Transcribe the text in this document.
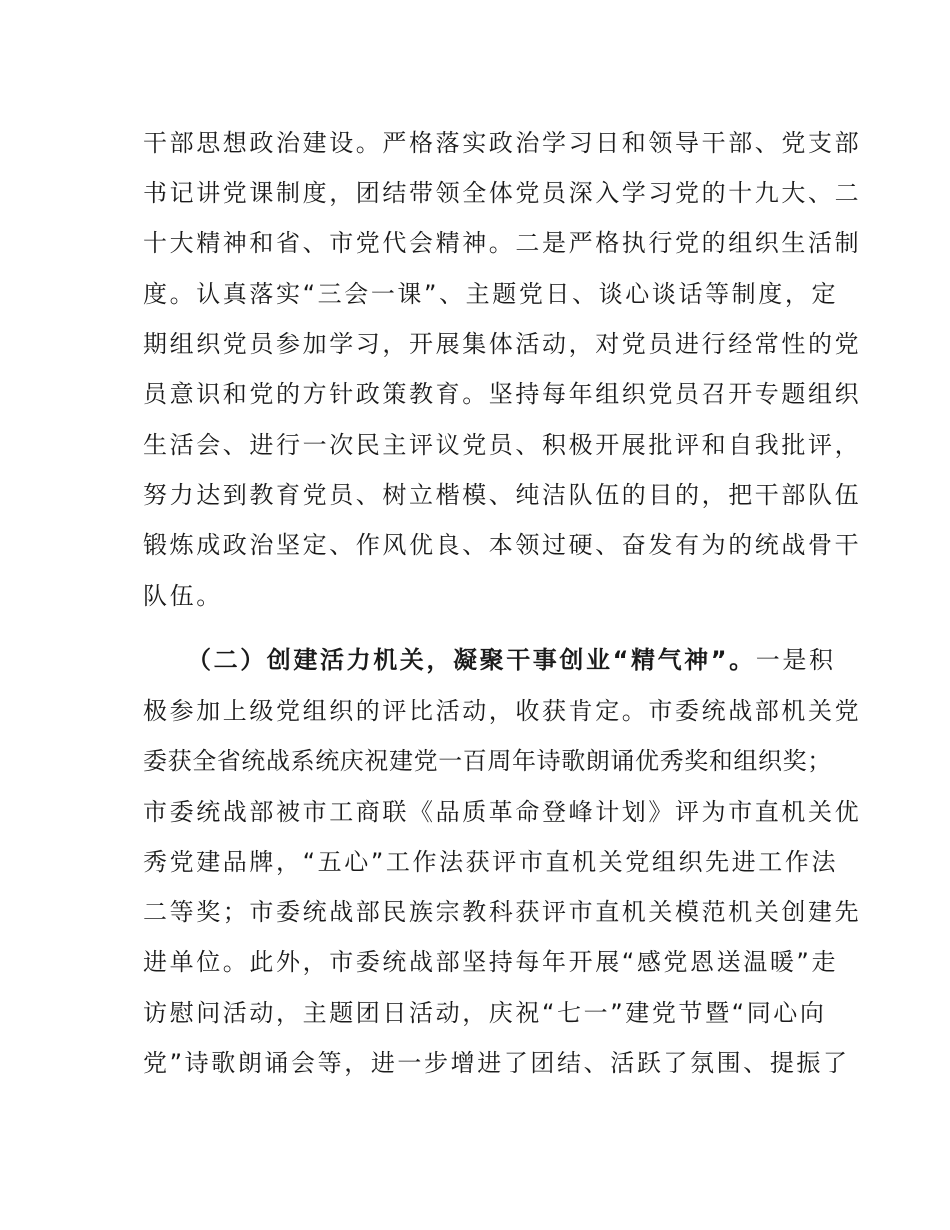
干部思想政治建设。严格落实政治学习日和领导干部、党支部
书记讲党课制度，团结带领全体党员深入学习党的十九大、二
十大精神和省、市党代会精神。二是严格执行党的组织生活制
度。认真落实“三会一课”、主题党日、谈心谈话等制度，定
期组织党员参加学习，开展集体活动，对党员进行经常性的党
员意识和党的方针政策教育。坚持每年组织党员召开专题组织
生活会、进行一次民主评议党员、积极开展批评和自我批评，
努力达到教育党员、树立楷模、纯洁队伍的目的，把干部队伍
锻炼成政治坚定、作风优良、本领过硬、奋发有为的统战骨干
队伍。
（二）创建活力机关，凝聚干事创业“精气神”。一是积
极参加上级党组织的评比活动，收获肯定。市委统战部机关党
委获全省统战系统庆祝建党一百周年诗歌朗诵优秀奖和组织奖；
市委统战部被市工商联《品质革命登峰计划》评为市直机关优
秀党建品牌，“五心”工作法获评市直机关党组织先进工作法
二等奖；市委统战部民族宗教科获评市直机关模范机关创建先
进单位。此外，市委统战部坚持每年开展“感党恩送温暖”走
访慰问活动，主题团日活动，庆祝“七一”建党节暨“同心向
党”诗歌朗诵会等，进一步增进了团结、活跃了氛围、提振了
